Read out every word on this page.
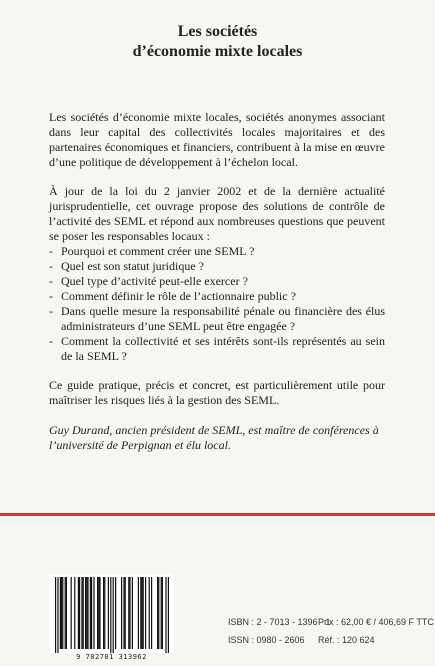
Les sociétés
d’économie mixte locales

Les sociétés d’économie mixte locales, sociétés anonymes associant dans leur capital des collectivités locales majoritaires et des partenaires économiques et financiers, contribuent à la mise en œuvre d’une politique de développement à l’échelon local.

À jour de la loi du 2 janvier 2002 et de la dernière actualité jurisprudentielle, cet ouvrage propose des solutions de contrôle de l’activité des SEML et répond aux nombreuses questions que peuvent se poser les responsables locaux :

- Pourquoi et comment créer une SEML ?
- Quel est son statut juridique ?
- Quel type d’activité peut-elle exercer ?
- Comment définir le rôle de l’actionnaire public ?
- Dans quelle mesure la responsabilité pénale ou financière des élus administrateurs d’une SEML peut être engagée ?
- Comment la collectivité et ses intérêts sont-ils représentés au sein de la SEML ?

Ce guide pratique, précis et concret, est particulièrement utile pour maîtriser les risques liés à la gestion des SEML.

Guy Durand, ancien président de SEML, est maître de conférences à l’université de Perpignan et élu local.

9 782701 313962
ISBN : 2 - 7013 - 1396 - 1
ISSN : 0980 - 2606
Prix : 62,00 € / 406,69 F TTC
Réf. : 120 624
